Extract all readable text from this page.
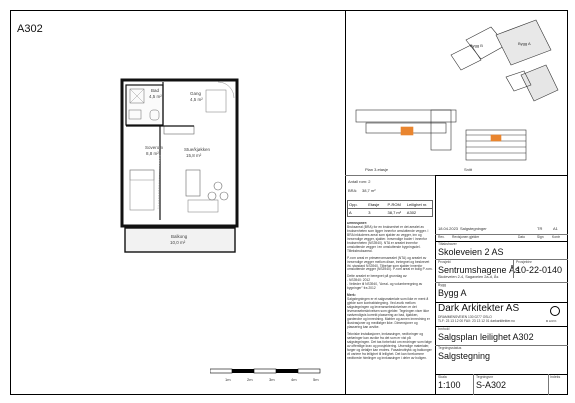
A302
Bad
4,5 m²
Gang
4,5 m²
Soverom
8,8 m²
Stue/kjøkken
15,8 m²
Balkong
10,0 m²
1m	2m	3m	4m	5m
Bygg B	Bygg A
Plan 3.etasje	Snitt
Antall rom: 2
BRA: 38,7 m²
Opp.	Etasje	P-ROM	Leilighet nr.
A	3	38,7 m²	A302
Definisjoner:
Bruksareal (BRA) for en bruksenhet er det arealet av bruksenheten som ligger innenfor omsluttende vegger. I BRA inkluderes areal som sjakter av vegger, inn og innvendige vegger, sjakter. Innvendige boder i innenfor bruksenheten (NS3940). NTA er arealet innenfor omsluttende vegger i en omsluttende bygningsdel. Tilleksbruksareal.
P-rom areal er primærromsarealet (NTA) og arealet av innvendige vegger mellom disse, inntegnet og beskrevet iht. standard NS3940. Tilbehør som sjakter innenfor omsluttende vegger (NS3940). P-rom areal er bolig P-rom.
Dette arealet er beregnet på grunnlag av:
- NS3940: 2012
- Veileder til NS3940, "Areal- og volumberegning av bygninger" fra 2012
Merk:
Salgstegningen er et salgsmateriale som ikke er ment å gjelde som kontraktstegning. Ved avvik mellom salgstegningen og leveransebeskrivelsen er det leveransebeskrivelsen som gjelder. Tegningen viser ikke nødvendigvis korrekt plassering av bad, kjøkken, garderobe og innredning. Møbler og annen innredning er illustrasjoner og medfølger ikke. Dimensjoner og plassering kan avvike.
Tekniske installasjoner, innkassinger, nedforinger og rørføringer kan avvike fra det som er vist på salgstegningen. Det tas forbehold om endringer som følge av offentlige krav og prosjektering. Utvendige materialer, farger og detaljer kan endres. Fasadeuttrykk og balkonger vil variere fra leilighet til leilighet. Det kan forekomme nedforede himlinger og innkassinger i deler av boligen.
18.04.2023 Salgstegninger	TR	A1
Rev. Revisjonen gjelder	Dato	Sign	Kontr
Tiltakshaver
Skoleveien 2 AS
Prosjekt
Sentrumshagene Ås
Prosjektnr
10-22-0140
Skoleveien 2-4, Sagaveien 2a-d, Ås
Bygg
Bygg A
Dark Arkitekter AS
DRAMMENSVEIEN 130 0277 OSLO
TLF: 23 13 12 00 FAX: 23 13 12 01 darkarkitekter.no	D A R K
Innhold
Salgsplan leilighet A302
Tegningsstatus
Salgstegning
Skala
1:100
Tegningsnr
S-A302
Indeks
